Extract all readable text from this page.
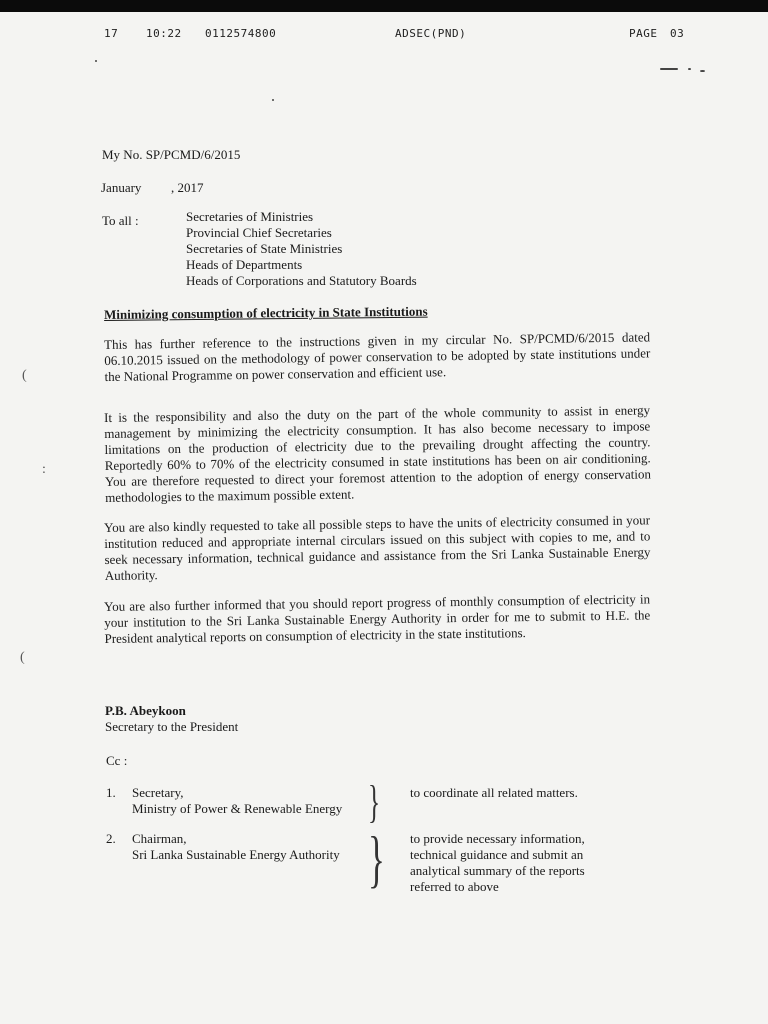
17	10:22 0112574800	ADSEC(PND)	PAGE 03
(
:
(
My No. SP/PCMD/6/2015
January , 2017
To all :	Secretaries of Ministries
Provincial Chief Secretaries
Secretaries of State Ministries
Heads of Departments
Heads of Corporations and Statutory Boards
Minimizing consumption of electricity in State Institutions
This has further reference to the instructions given in my circular No. SP/PCMD/6/2015 dated 06.10.2015 issued on the methodology of power conservation to be adopted by state institutions under the National Programme on power conservation and efficient use.
It is the responsibility and also the duty on the part of the whole community to assist in energy management by minimizing the electricity consumption. It has also become necessary to impose limitations on the production of electricity due to the prevailing drought affecting the country. Reportedly 60% to 70% of the electricity consumed in state institutions has been on air conditioning. You are therefore requested to direct your foremost attention to the adoption of energy conservation methodologies to the maximum possible extent.
You are also kindly requested to take all possible steps to have the units of electricity consumed in your institution reduced and appropriate internal circulars issued on this subject with copies to me, and to seek necessary information, technical guidance and assistance from the Sri Lanka Sustainable Energy Authority.
You are also further informed that you should report progress of monthly consumption of electricity in your institution to the Sri Lanka Sustainable Energy Authority in order for me to submit to H.E. the President analytical reports on consumption of electricity in the state institutions.
P.B. Abeykoon
Secretary to the President
Cc :
1. Secretary,
Ministry of Power & Renewable Energy } to coordinate all related matters.
2. Chairman,
Sri Lanka Sustainable Energy Authority } to provide necessary information,
technical guidance and submit an
analytical summary of the reports
referred to above
